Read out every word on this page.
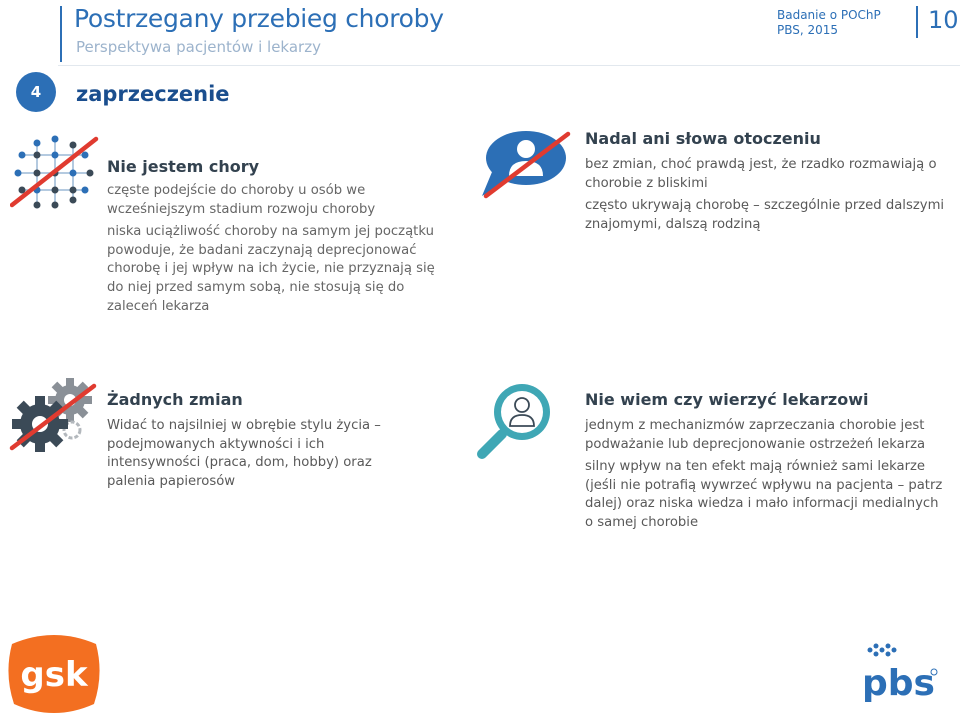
Postrzegany przebieg choroby
Perspektywa pacjentów i lekarzy
Badanie o POChP
PBS, 2015	10
4	zaprzeczenie
Nie jestem chory
częste podejście do choroby u osób we wcześniejszym stadium rozwoju choroby
niska uciążliwość choroby na samym jej początku powoduje, że badani zaczynają deprecjonować chorobę i jej wpływ na ich życie, nie przyznają się do niej przed samym sobą, nie stosują się do zaleceń lekarza
Nadal ani słowa otoczeniu
bez zmian, choć prawdą jest, że rzadko rozmawiają o chorobie z bliskimi
często ukrywają chorobę – szczególnie przed dalszymi znajomymi, dalszą rodziną
Żadnych zmian
Widać to najsilniej w obrębie stylu życia – podejmowanych aktywności i ich intensywności (praca, dom, hobby) oraz palenia papierosów
Nie wiem czy wierzyć lekarzowi
jednym z mechanizmów zaprzeczania chorobie jest podważanie lub deprecjonowanie ostrzeżeń lekarza
silny wpływ na ten efekt mają również sami lekarze (jeśli nie potrafią wywrzeć wpływu na pacjenta – patrz dalej) oraz niska wiedza i mało informacji medialnych o samej chorobie
gsk	pbs
